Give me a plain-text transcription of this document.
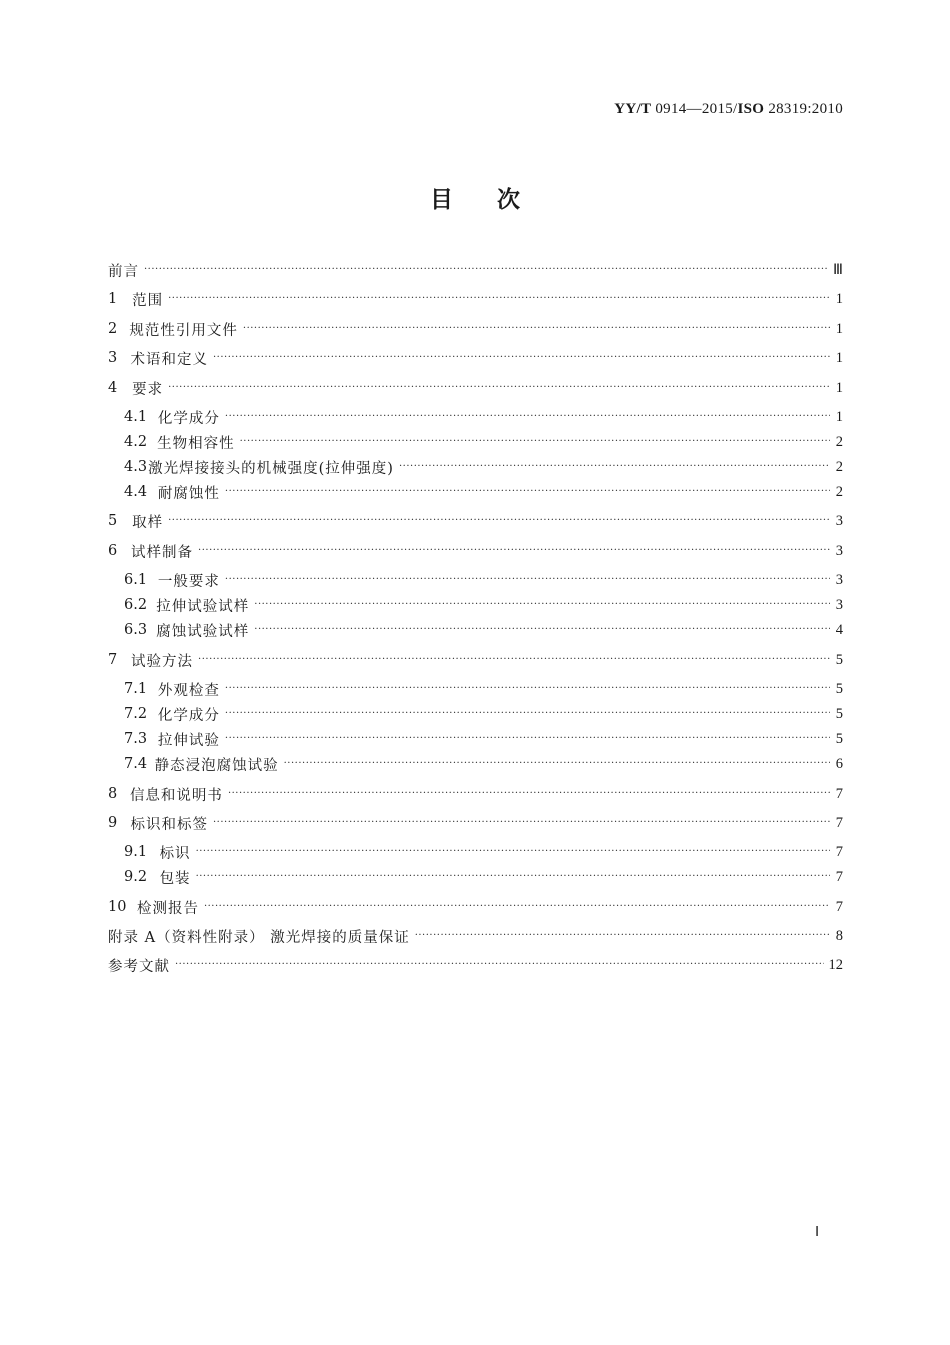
YY/T 0914—2015/ISO 28319:2010
目次
前言 ·····	Ⅲ
1	范围 ·····	1
2 规范性引用文件 ·····	1
3 术语和定义 ·····	1
4	要求 ·····	1
4.1 化学成分 ·····	1
4.2 生物相容性 ·····	2
4.3 激光焊接接头的机械强度(拉伸强度) ·····	2
4.4 耐腐蚀性 ·····	2
5	取样 ·····	3
6 试样制备 ·····	3
6.1 一般要求 ·····	3
6.2 拉伸试验试样 ·····	3
6.3 腐蚀试验试样 ·····	4
7 试验方法 ·····	5
7.1 外观检查 ·····	5
7.2 化学成分 ·····	5
7.3 拉伸试验 ·····	5
7.4 静态浸泡腐蚀试验 ·····	6
8 信息和说明书 ·····	7
9 标识和标签 ·····	7
9.1 标识 ·····	7
9.2 包装 ·····	7
10 检测报告 ·····	7
附录 A（资料性附录） 激光焊接的质量保证 ·····	8
参考文献 ·····	12
Ⅰ
